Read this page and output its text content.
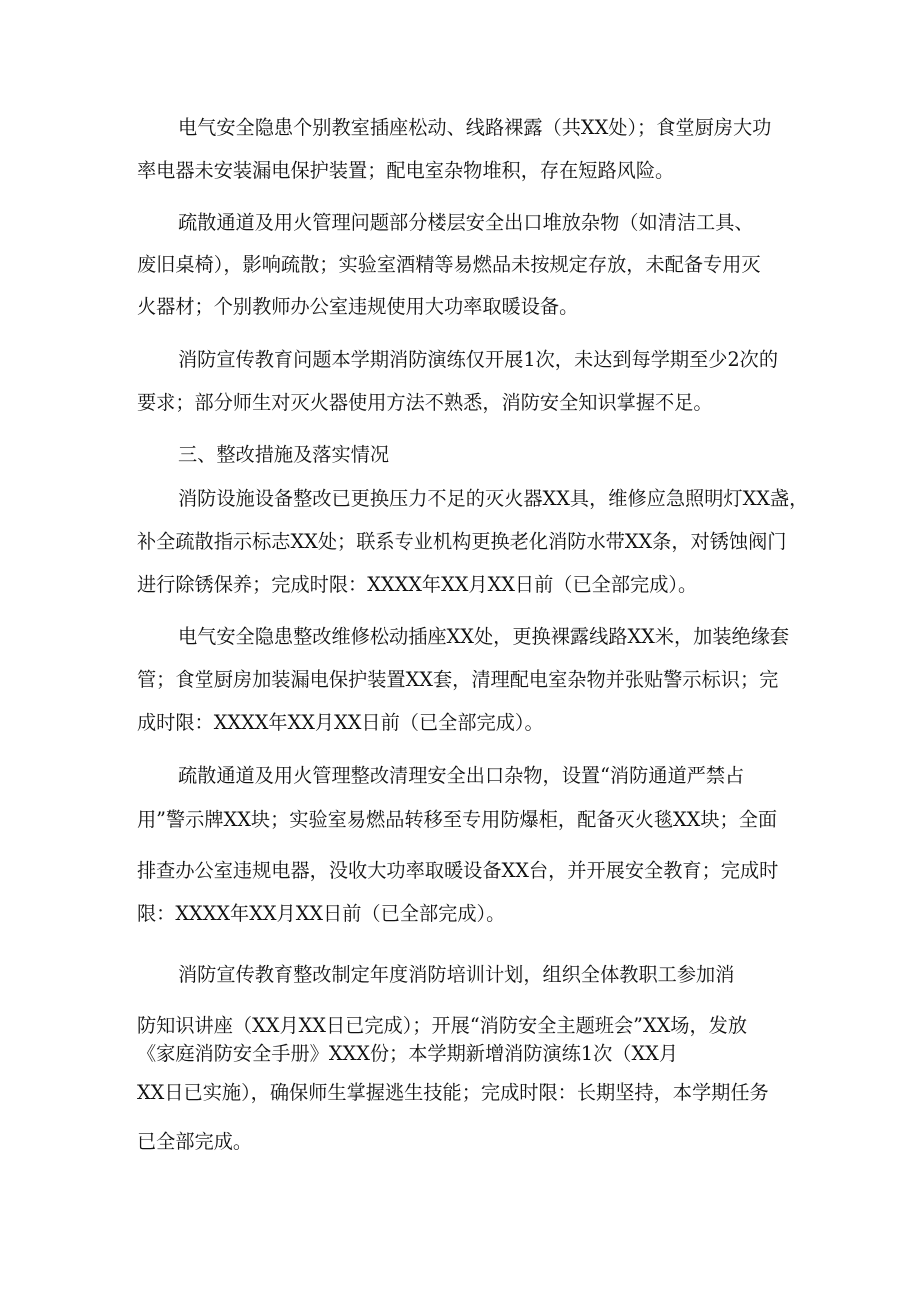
电气安全隐患个别教室插座松动、线路裸露（共XX处）；食堂厨房大功

率电器未安装漏电保护装置；配电室杂物堆积，存在短路风险。

疏散通道及用火管理问题部分楼层安全出口堆放杂物（如清洁工具、

废旧桌椅），影响疏散；实验室酒精等易燃品未按规定存放，未配备专用灭

火器材；个别教师办公室违规使用大功率取暖设备。

消防宣传教育问题本学期消防演练仅开展1次，未达到每学期至少2次的

要求；部分师生对灭火器使用方法不熟悉，消防安全知识掌握不足。

三、整改措施及落实情况

消防设施设备整改已更换压力不足的灭火器XX具，维修应急照明灯XX盏，

补全疏散指示标志XX处；联系专业机构更换老化消防水带XX条，对锈蚀阀门

进行除锈保养；完成时限：XXXX年XX月XX日前（已全部完成）。

电气安全隐患整改维修松动插座XX处，更换裸露线路XX米，加装绝缘套

管；食堂厨房加装漏电保护装置XX套，清理配电室杂物并张贴警示标识；完

成时限：XXXX年XX月XX日前（已全部完成）。

疏散通道及用火管理整改清理安全出口杂物，设置“消防通道严禁占

用”警示牌XX块；实验室易燃品转移至专用防爆柜，配备灭火毯XX块；全面

排查办公室违规电器，没收大功率取暖设备XX台，并开展安全教育；完成时

限：XXXX年XX月XX日前（已全部完成）。

消防宣传教育整改制定年度消防培训计划，组织全体教职工参加消

防知识讲座（XX月XX日已完成）；开展“消防安全主题班会”XX场，发放

《家庭消防安全手册》XXX份；本学期新增消防演练1次（XX月

XX日已实施），确保师生掌握逃生技能；完成时限：长期坚持，本学期任务

已全部完成。
